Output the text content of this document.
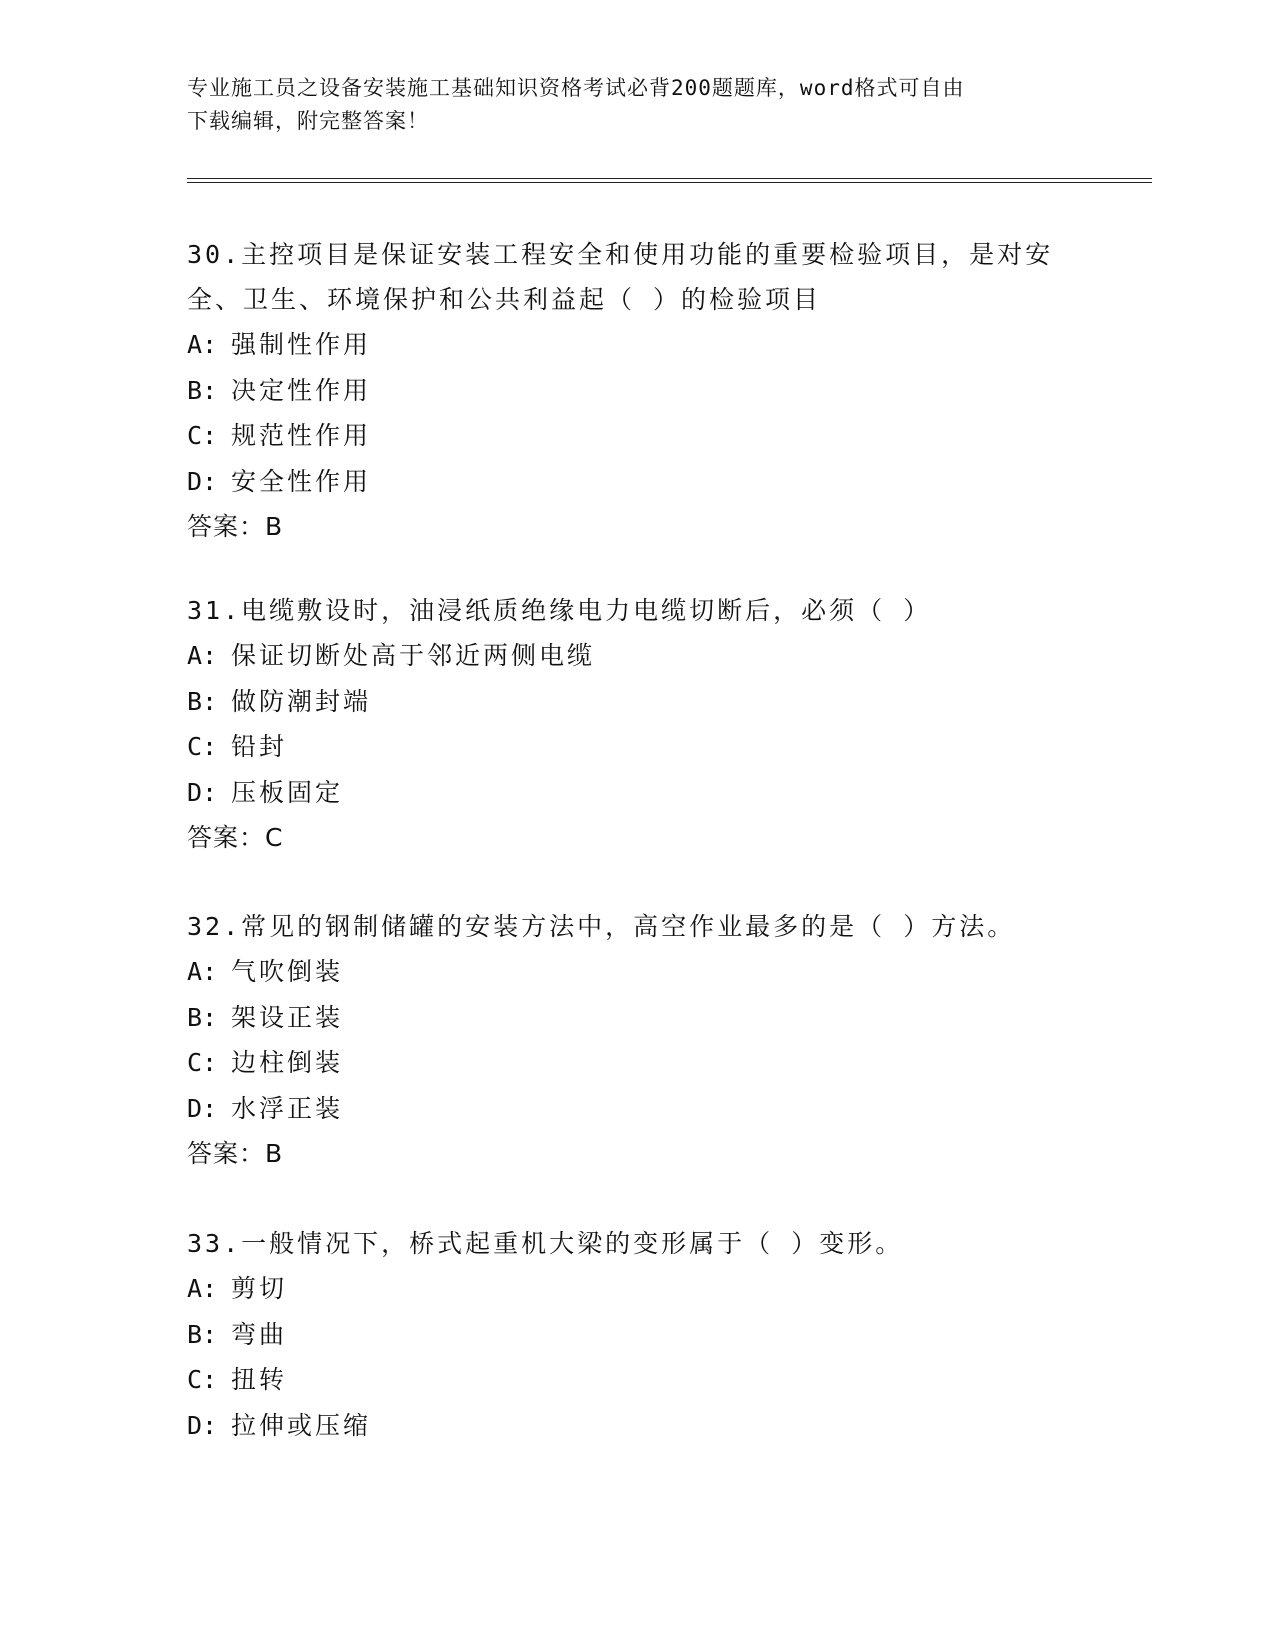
专业施工员之设备安装施工基础知识资格考试必背200题题库，word格式可自由
下载编辑，附完整答案！
30.主控项目是保证安装工程安全和使用功能的重要检验项目，是对安
全、卫生、环境保护和公共利益起（ ）的检验项目
A: 强制性作用
B: 决定性作用
C: 规范性作用
D: 安全性作用
答案：B
31.电缆敷设时，油浸纸质绝缘电力电缆切断后，必须（ ）
A: 保证切断处高于邻近两侧电缆
B: 做防潮封端
C: 铅封
D: 压板固定
答案：C
32.常见的钢制储罐的安装方法中，高空作业最多的是（ ）方法。
A: 气吹倒装
B: 架设正装
C: 边柱倒装
D: 水浮正装
答案：B
33.一般情况下，桥式起重机大梁的变形属于（ ）变形。
A: 剪切
B: 弯曲
C: 扭转
D: 拉伸或压缩
